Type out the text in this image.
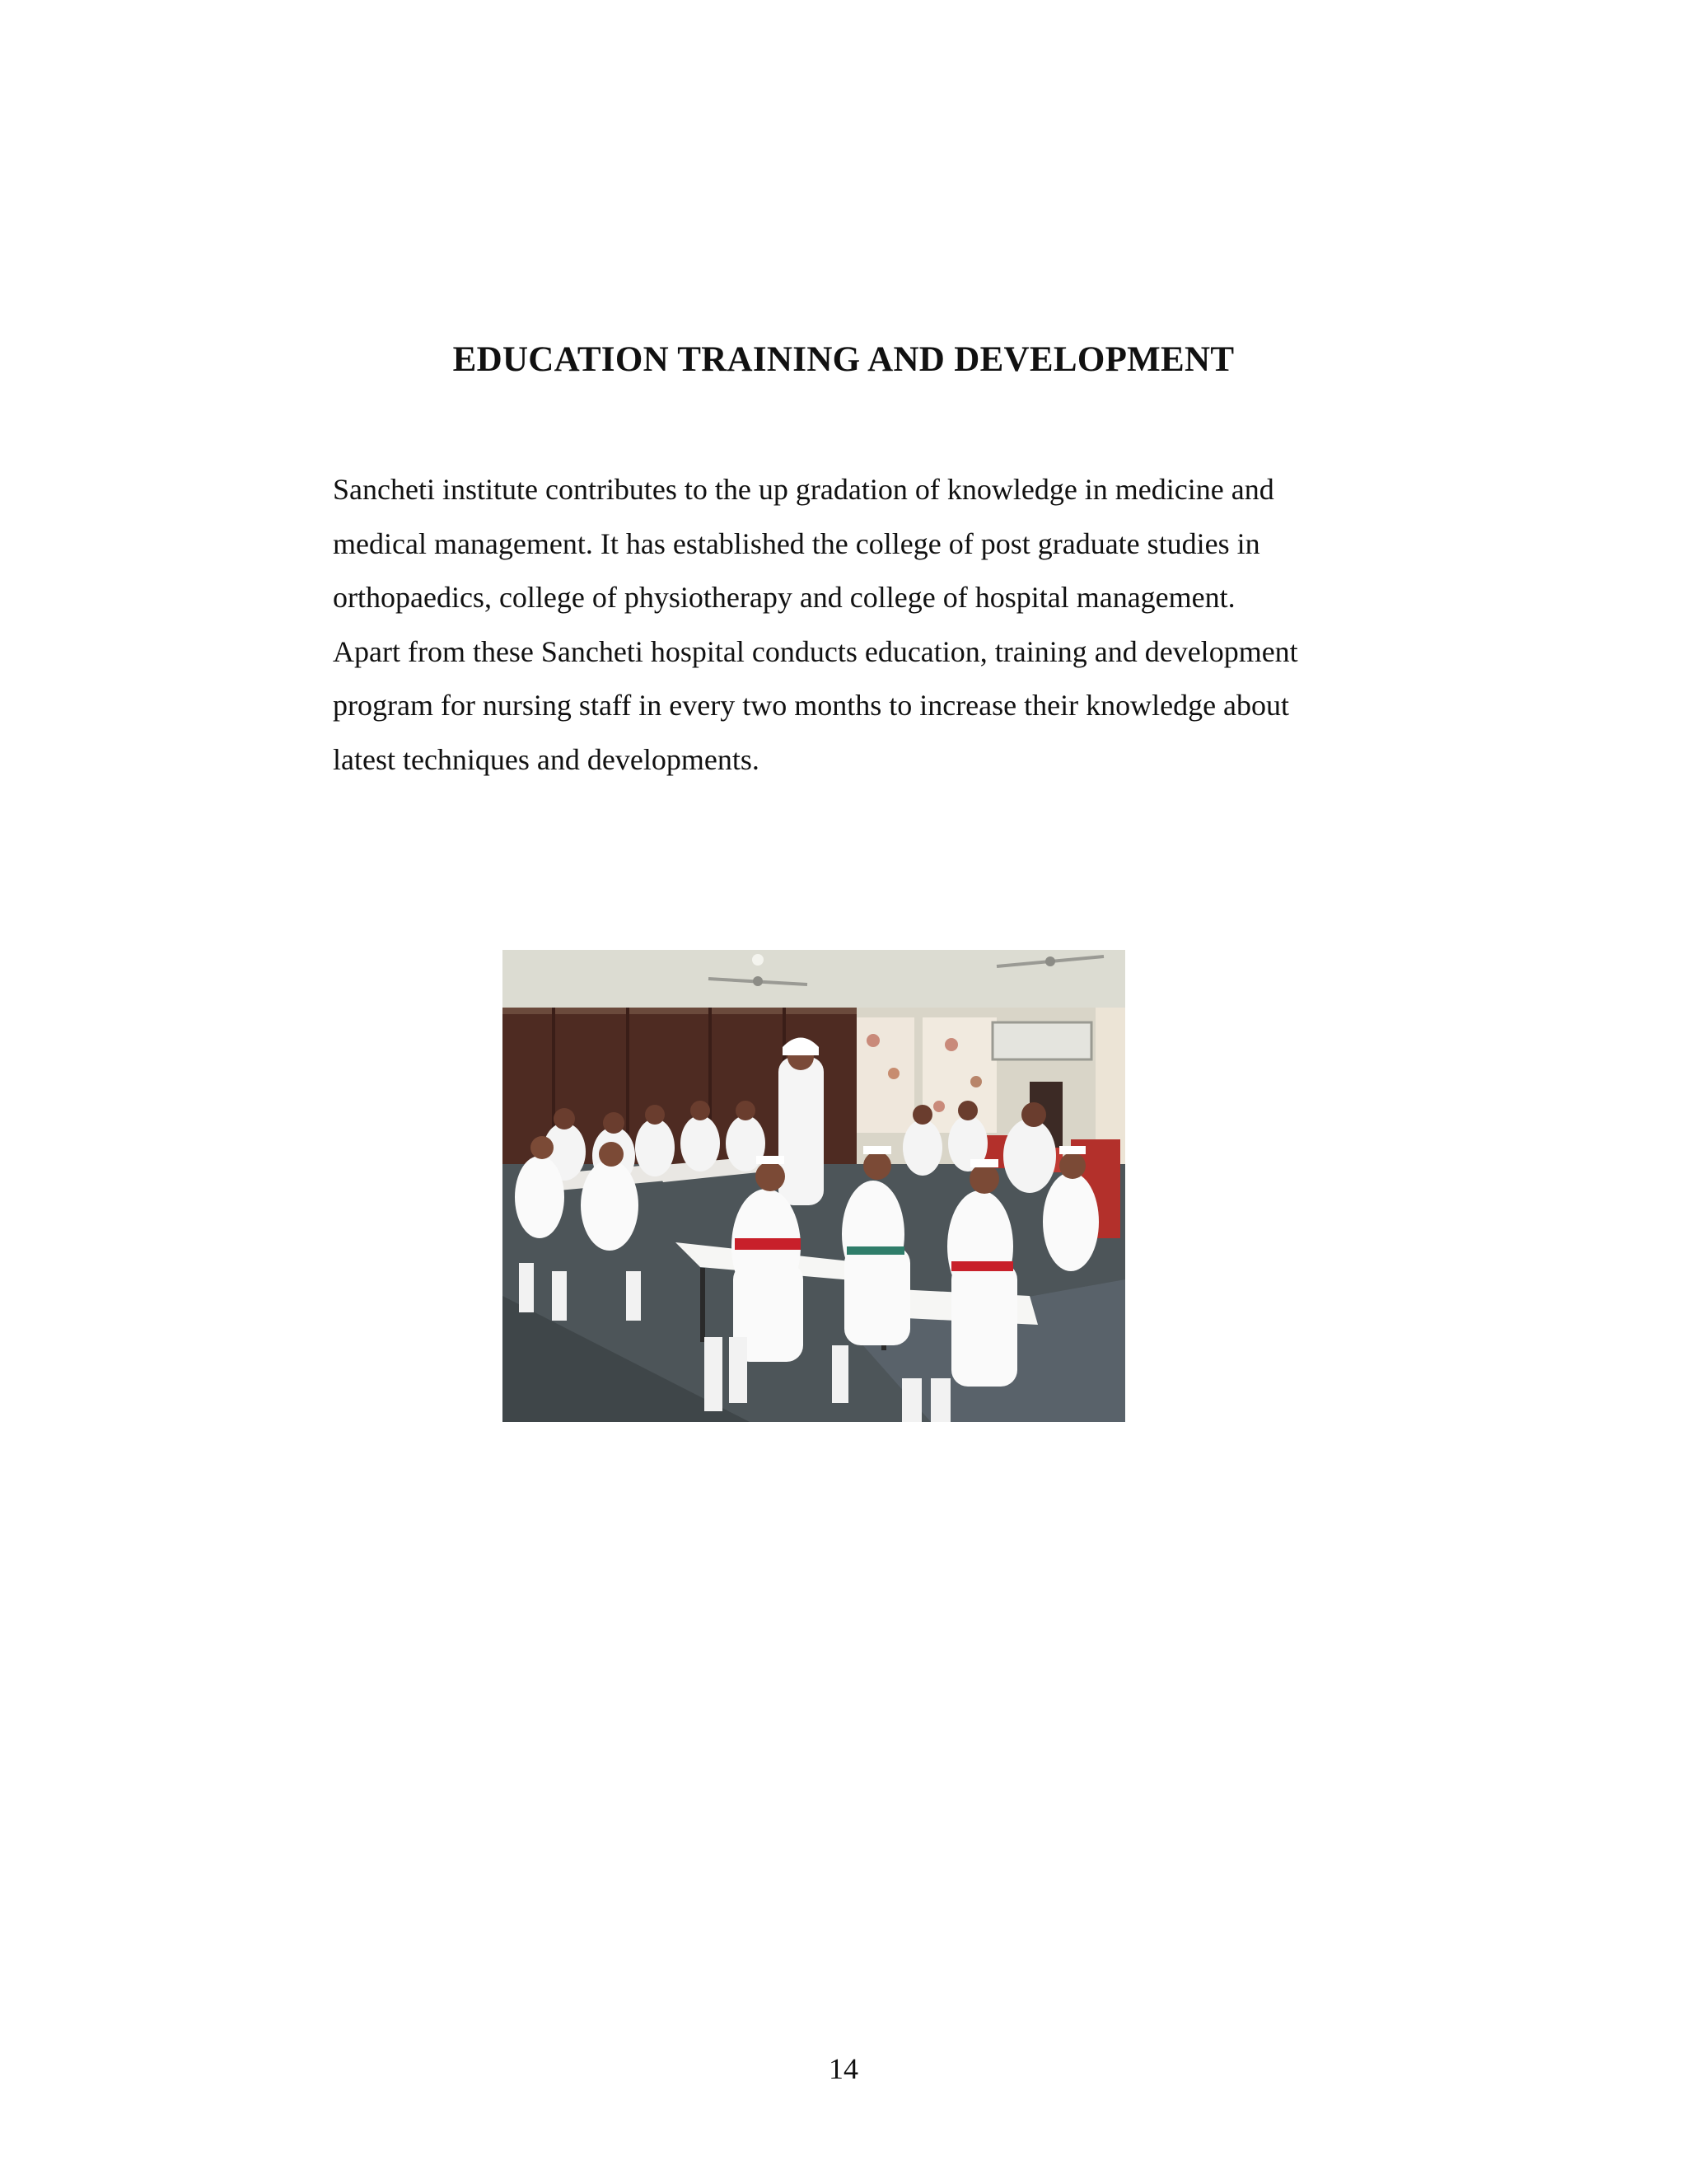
EDUCATION TRAINING AND DEVELOPMENT

Sancheti institute contributes to the up gradation of knowledge in medicine and
medical management. It has established the college of post graduate studies in
orthopaedics, college of physiotherapy and college of hospital management.
Apart from these Sancheti hospital conducts education, training and development
program for nursing staff in every two months to increase their knowledge about
latest techniques and developments.

14
